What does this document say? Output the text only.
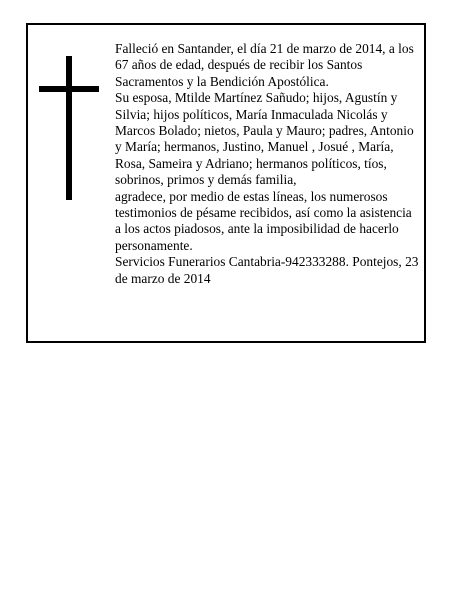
Falleció en Santander, el día 21 de marzo de 2014, a los 67 años de edad, después de recibir los Santos Sacramentos y la Bendición Apostólica.

Su esposa, Mtilde Martínez Sañudo; hijos, Agustín y Silvia; hijos políticos, María Inmaculada Nicolás y Marcos Bolado; nietos, Paula y Mauro; padres, Antonio y María; hermanos, Justino, Manuel , Josué , María, Rosa, Sameira y Adriano; hermanos políticos, tíos, sobrinos, primos y demás familia,

agradece, por medio de estas líneas, los numerosos testimonios de pésame recibidos, así como la asistencia a los actos piadosos, ante la imposibilidad de hacerlo personamente.

Servicios Funerarios Cantabria-942333288. Pontejos, 23 de marzo de 2014
